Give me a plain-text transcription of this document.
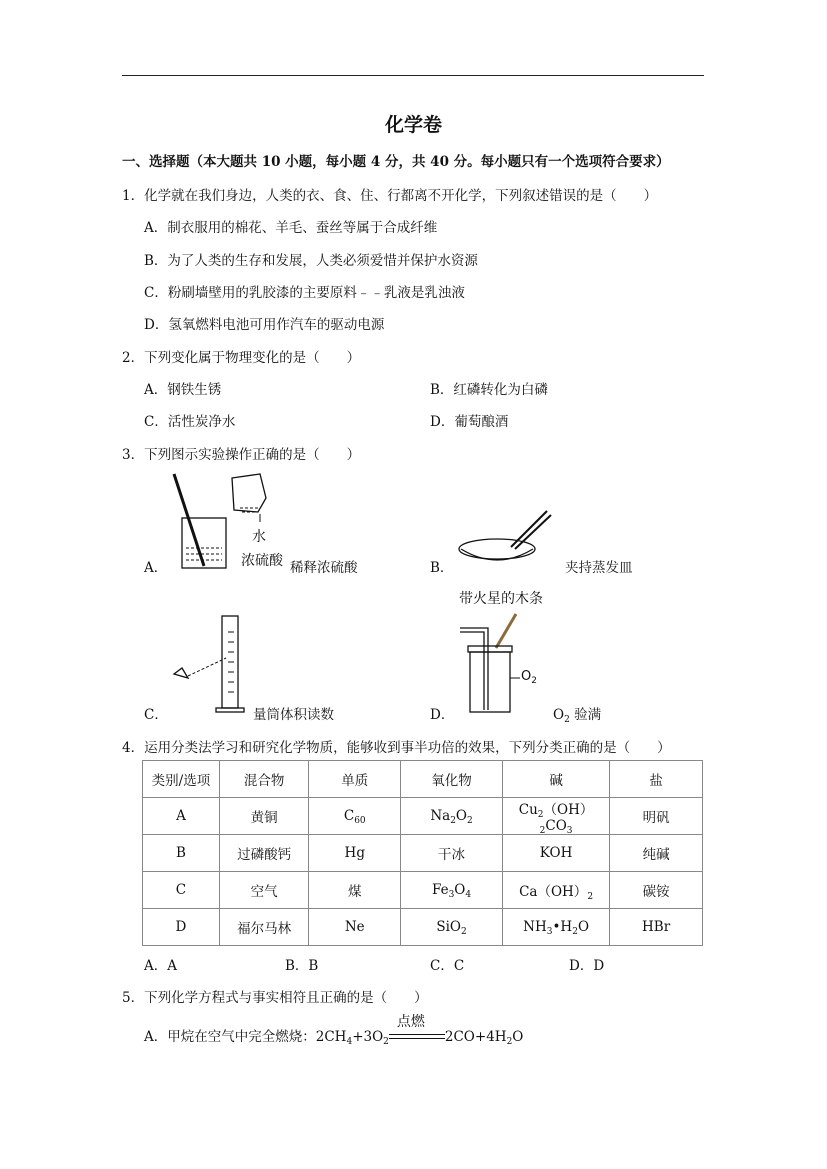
化学卷
一、选择题（本大题共 10 小题，每小题 4 分，共 40 分。每小题只有一个选项符合要求）
1．化学就在我们身边，人类的衣、食、住、行都离不开化学，下列叙述错误的是（　　）
A．制衣服用的棉花、羊毛、蚕丝等属于合成纤维
B．为了人类的生存和发展，人类必须爱惜并保护水资源
C．粉刷墙壁用的乳胶漆的主要原料﹣﹣乳液是乳浊液
D．氢氧燃料电池可用作汽车的驱动电源
2．下列变化属于物理变化的是（　　）
A．钢铁生锈	B．红磷转化为白磷
C．活性炭净水	D．葡萄酿酒
3．下列图示实验操作正确的是（　　）
水
浓硫酸
A．	稀释浓硫酸	B．	夹持蒸发皿
C．	量筒体积读数
带火星的木条
$O_2$
D．	$O_2$ 验满
4．运用分类法学习和研究化学物质，能够收到事半功倍的效果，下列分类正确的是（　　）
类别/选项	混合物	单质	氧化物	碱	盐
A	黄铜	$C_{60}$	$Na_2O_2$	$Cu_2(OH)_2CO_3$	明矾
B	过磷酸钙	Hg	干冰	KOH	纯碱
C	空气	煤	$Fe_3O_4$	$Ca(OH)_2$	碳铵
D	福尔马林	Ne	SiO$_2$	$NH_3•H_2O$	HBr
A．A	B．B	C．C	D．D
5．下列化学方程式与事实相符且正确的是（　　）
A．甲烷在空气中完全燃烧：$2CH_4+3O_2$
点燃
$2CO+4H_2O$
